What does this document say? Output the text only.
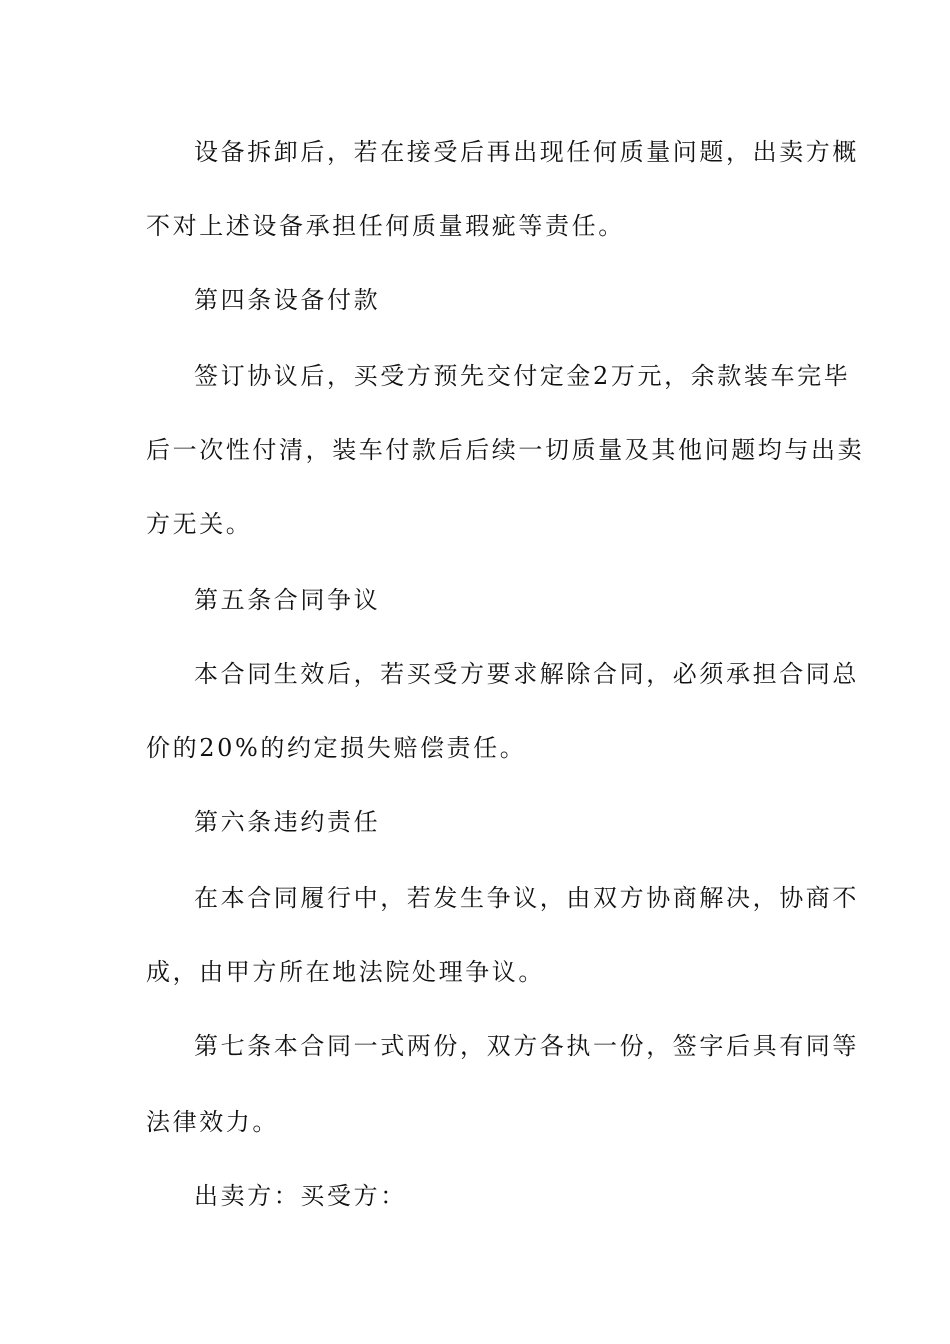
设备拆卸后，若在接受后再出现任何质量问题，出卖方概
不对上述设备承担任何质量瑕疵等责任。
第四条设备付款
签订协议后，买受方预先交付定金2万元，余款装车完毕
后一次性付清，装车付款后后续一切质量及其他问题均与出卖
方无关。
第五条合同争议
本合同生效后，若买受方要求解除合同，必须承担合同总
价的20%的约定损失赔偿责任。
第六条违约责任
在本合同履行中，若发生争议，由双方协商解决，协商不
成，由甲方所在地法院处理争议。
第七条本合同一式两份，双方各执一份，签字后具有同等
法律效力。
出卖方：买受方：
